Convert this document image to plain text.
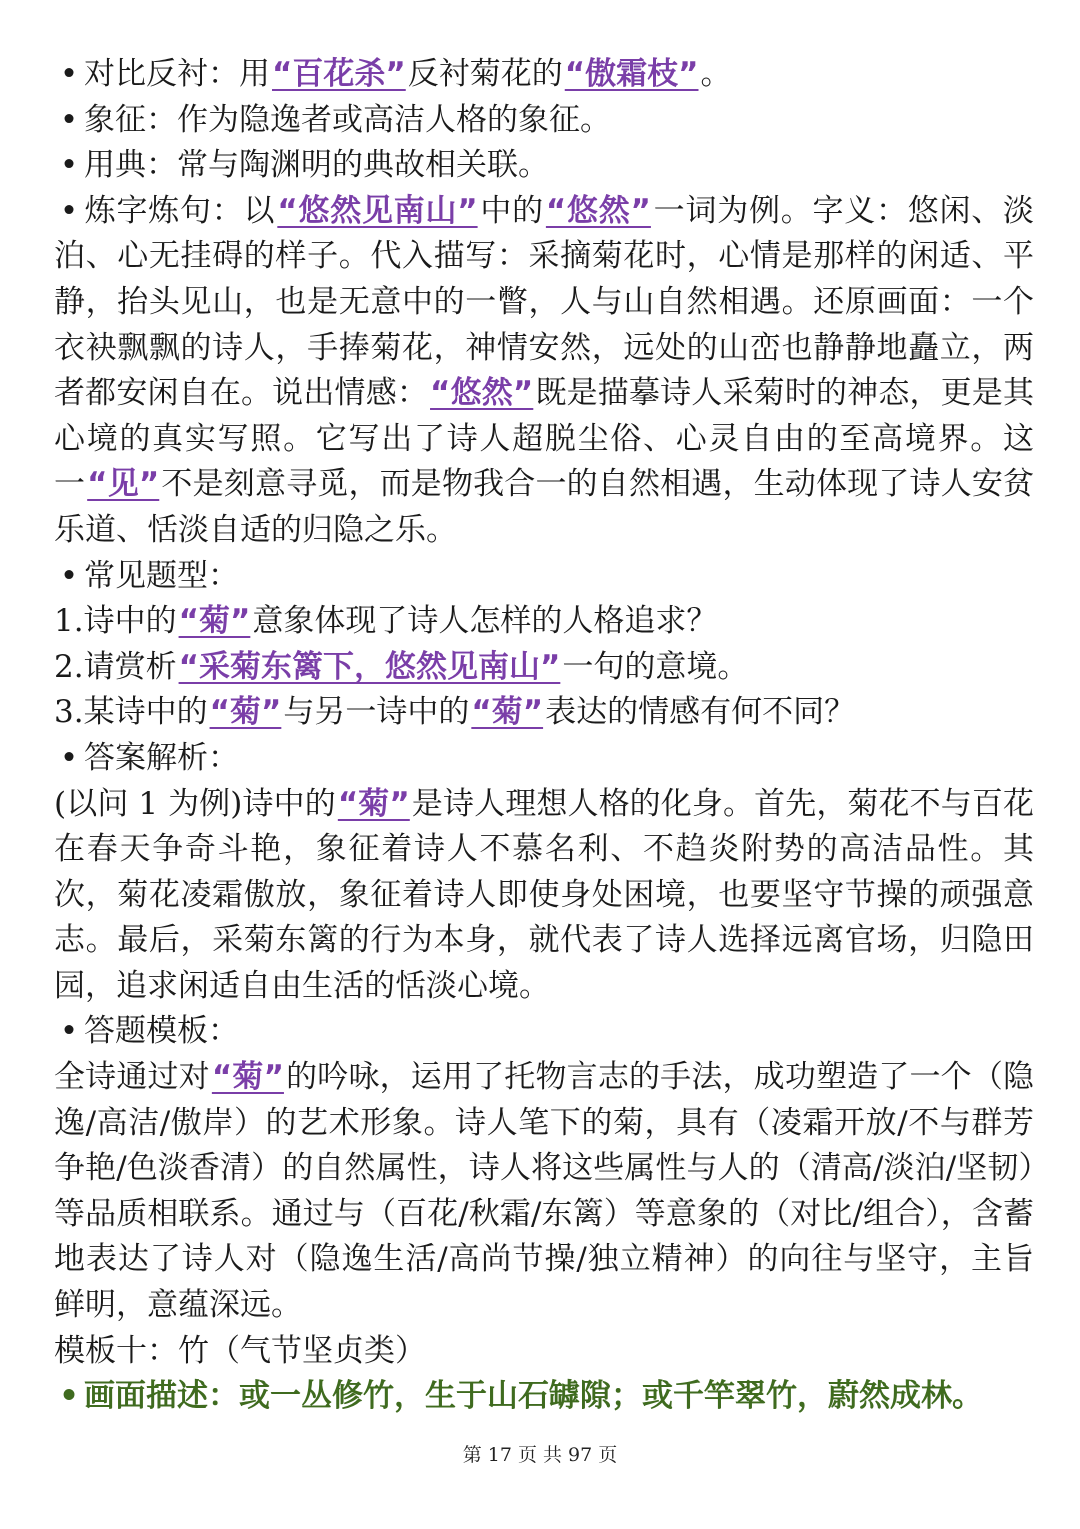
• 对比反衬：用“百花杀”反衬菊花的“傲霜枝”。

• 象征：作为隐逸者或高洁人格的象征。

• 用典：常与陶渊明的典故相关联。

• 炼字炼句：以“悠然见南山”中的“悠然”一词为例。字义：悠闲、淡泊、心无挂碍的样子。代入描写：采摘菊花时，心情是那样的闲适、平静，抬头见山，也是无意中的一瞥，人与山自然相遇。还原画面：一个衣袂飘飘的诗人，手捧菊花，神情安然，远处的山峦也静静地矗立，两者都安闲自在。说出情感：“悠然”既是描摹诗人采菊时的神态，更是其心境的真实写照。它写出了诗人超脱尘俗、心灵自由的至高境界。这一“见”不是刻意寻觅，而是物我合一的自然相遇，生动体现了诗人安贫乐道、恬淡自适的归隐之乐。

• 常见题型：

1.诗中的“菊”意象体现了诗人怎样的人格追求？

2.请赏析“采菊东篱下，悠然见南山”一句的意境。

3.某诗中的“菊”与另一诗中的“菊”表达的情感有何不同？

• 答案解析：

(以问 1 为例)诗中的“菊”是诗人理想人格的化身。首先，菊花不与百花在春天争奇斗艳，象征着诗人不慕名利、不趋炎附势的高洁品性。其次，菊花凌霜傲放，象征着诗人即使身处困境，也要坚守节操的顽强意志。最后，采菊东篱的行为本身，就代表了诗人选择远离官场，归隐田园，追求闲适自由生活的恬淡心境。

• 答题模板：

全诗通过对“菊”的吟咏，运用了托物言志的手法，成功塑造了一个（隐逸/高洁/傲岸）的艺术形象。诗人笔下的菊，具有（凌霜开放/不与群芳争艳/色淡香清）的自然属性，诗人将这些属性与人的（清高/淡泊/坚韧）等品质相联系。通过与（百花/秋霜/东篱）等意象的（对比/组合），含蓄地表达了诗人对（隐逸生活/高尚节操/独立精神）的向往与坚守，主旨鲜明，意蕴深远。

模板十：竹（气节坚贞类）

• 画面描述：或一丛修竹，生于山石罅隙；或千竿翠竹，蔚然成林。

第 17 页 共 97 页
